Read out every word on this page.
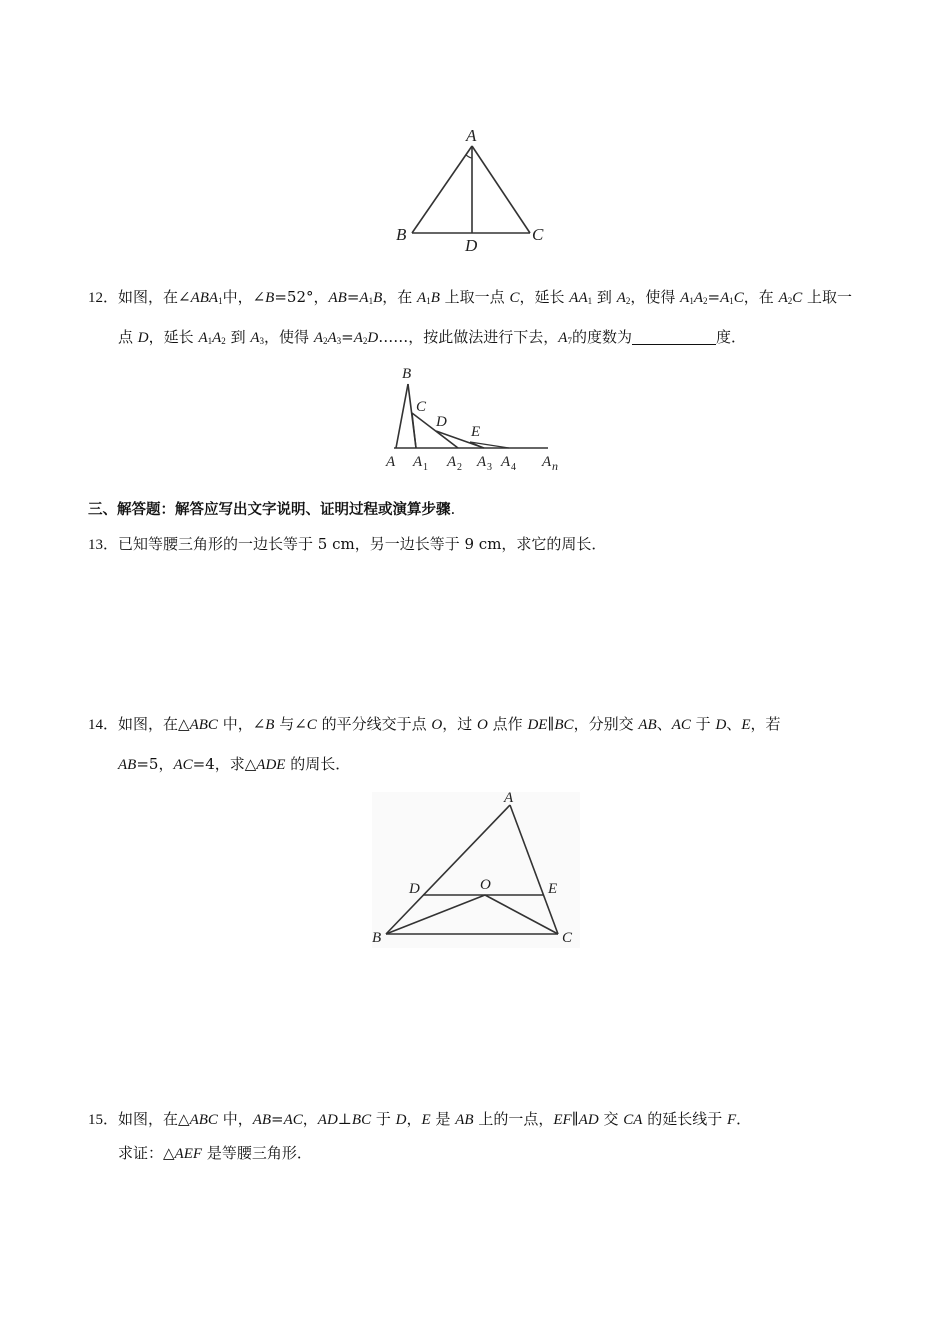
A
B	C
D
12．如图，在$\angle ABA_1$中，∠B=52°，$AB=A_1B$，在 $A_1B$ 上取一点 C，延长 $AA_1$ 到 $A_2$，使得 $A_1A_2=A_1C$，在 $A_2C$ 上取一
点 D，延长 $A_1A_2$ 到 $A_3$，使得 $A_2A_3=A_2D\dots\dots$，按此做法进行下去，$A_7$的度数为	度．
B
C
D
E
A A 1 A 2 A 3 A 4 A n
三、解答题：解答应写出文字说明、证明过程或演算步骤.
13．已知等腰三角形的一边长等于 5 cm，另一边长等于 9 cm，求它的周长．
14．如图，在△ABC 中，∠B 与∠C 的平分线交于点 O，过 O 点作 DE∥BC，分别交 AB、AC 于 D、E，若
AB=5，AC=4，求△ADE 的周长．
A
B	C
D	E
O
15．如图，在△ABC 中，AB=AC，AD⊥BC 于 D，E 是 AB 上的一点，EF∥AD 交 CA 的延长线于 F．
求证：△AEF 是等腰三角形．
